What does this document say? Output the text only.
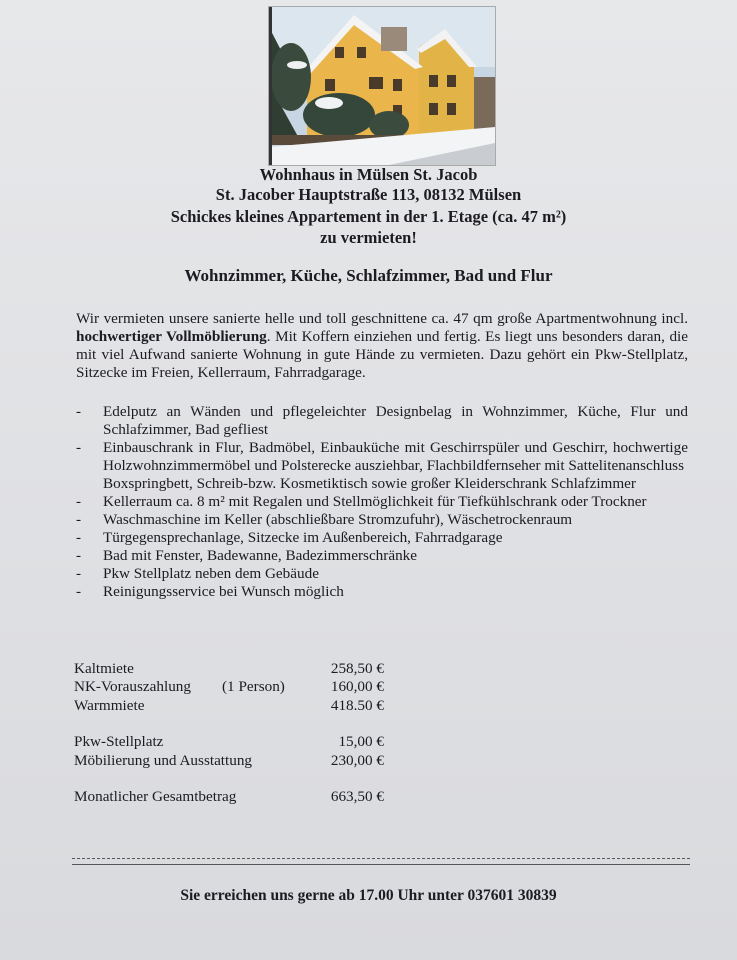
Wohnhaus in Mülsen St. Jacob
St. Jacober Hauptstraße 113, 08132 Mülsen
Schickes kleines Appartement in der 1. Etage (ca. 47 m²)
zu vermieten!
Wohnzimmer, Küche, Schlafzimmer, Bad und Flur
Wir vermieten unsere sanierte helle und toll geschnittene ca. 47 qm große Apartmentwohnung incl. hochwertiger Vollmöblierung. Mit Koffern einziehen und fertig. Es liegt uns besonders daran, die mit viel Aufwand sanierte Wohnung in gute Hände zu vermieten. Dazu gehört ein Pkw-Stellplatz, Sitzecke im Freien, Kellerraum, Fahrradgarage.
- Edelputz an Wänden und pflegeleichter Designbelag in Wohnzimmer, Küche, Flur und Schlafzimmer, Bad gefliest
- Einbauschrank in Flur, Badmöbel, Einbauküche mit Geschirrspüler und Geschirr, hochwertige Holzwohnzimmermöbel und Polsterecke ausziehbar, Flachbildfernseher mit Sattelitenanschluss
Boxspringbett, Schreib-bzw. Kosmetiktisch sowie großer Kleiderschrank Schlafzimmer
- Kellerraum ca. 8 m² mit Regalen und Stellmöglichkeit für Tiefkühlschrank oder Trockner
- Waschmaschine im Keller (abschließbare Stromzufuhr), Wäschetrockenraum
- Türgegensprechanlage, Sitzecke im Außenbereich, Fahrradgarage
- Bad mit Fenster, Badewanne, Badezimmerschränke
- Pkw Stellplatz neben dem Gebäude
- Reinigungsservice bei Wunsch möglich
Kaltmiete	258,50 €
NK-Vorauszahlung (1 Person)	160,00 €
Warmmiete	418.50 €
Pkw-Stellplatz	15,00 €
Möbilierung und Ausstattung	230,00 €
Monatlicher Gesamtbetrag	663,50 €
Sie erreichen uns gerne ab 17.00 Uhr unter 037601 30839
